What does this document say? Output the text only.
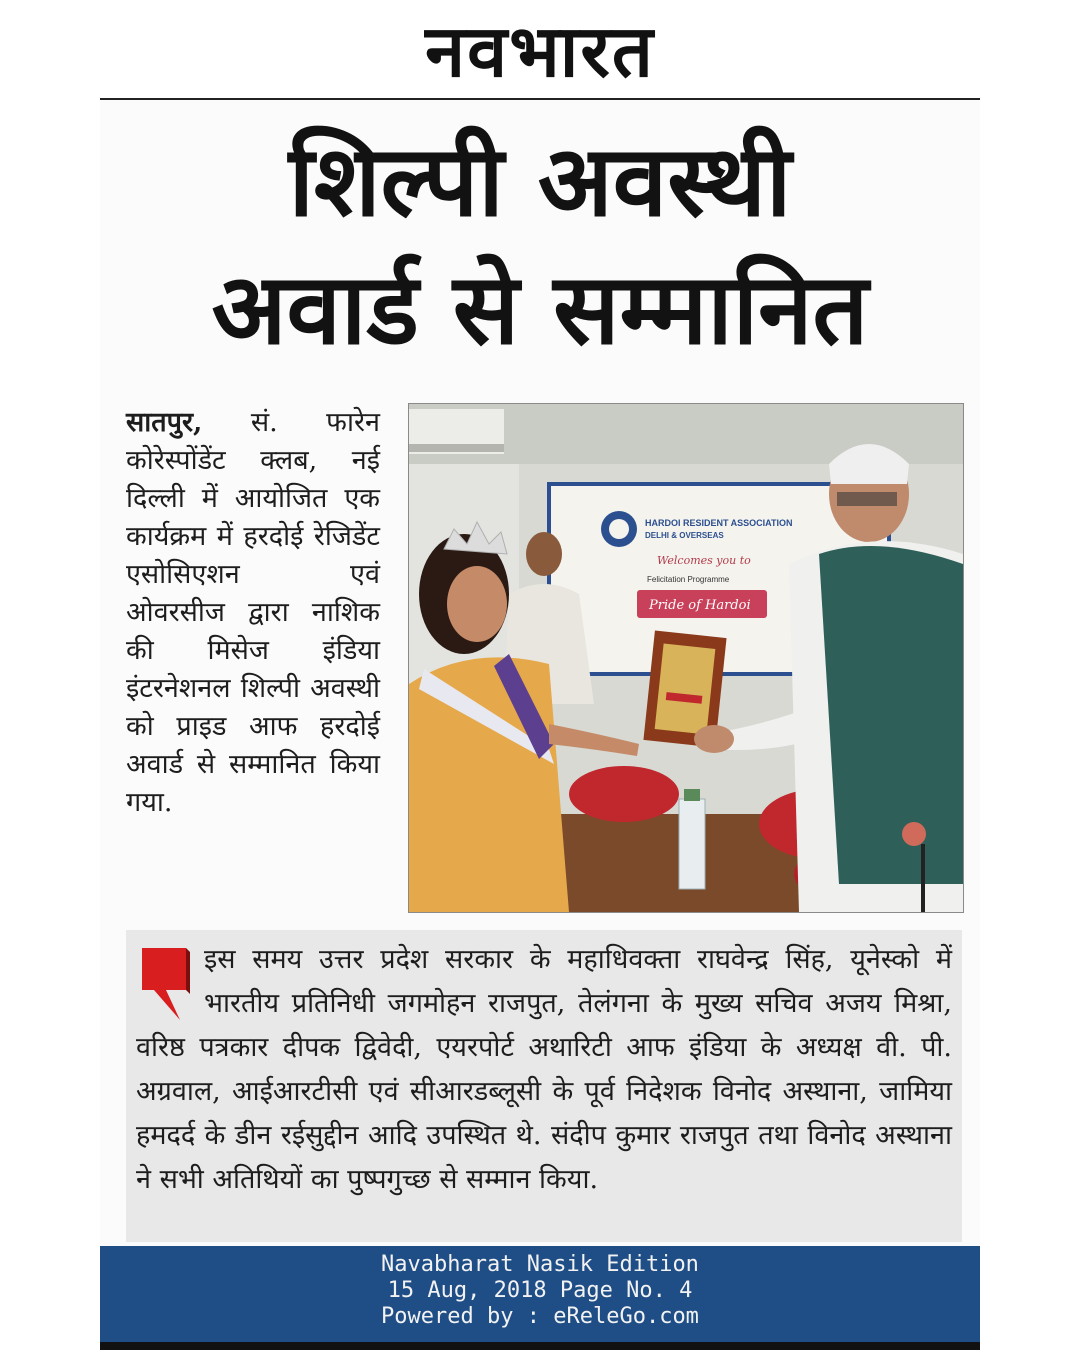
नवभारत
शिल्पी अवस्थी
अवार्ड से सम्मानित
सातपुर, सं. फारेन कोरेस्पोंडेंट क्लब, नई दिल्ली में आयोजित एक कार्यक्रम में हरदोई रेजिडेंट एसोसिएशन एवं ओवरसीज द्वारा नाशिक की मिसेज इंडिया इंटरनेशनल शिल्पी अवस्थी को प्राइड आफ हरदोई अवार्ड से सम्मानित किया गया.
HARDOI RESIDENT ASSOCIATION
DELHI & OVERSEAS
Welcomes you to
Felicitation Programme
Pride of Hardoi
इस समय उत्तर प्रदेश सरकार के महाधिवक्ता राघवेन्द्र सिंह, यूनेस्को में भारतीय प्रतिनिधी जगमोहन राजपुत, तेलंगना के मुख्य सचिव अजय मिश्रा, वरिष्ठ पत्रकार दीपक द्विवेदी, एयरपोर्ट अथारिटी आफ इंडिया के अध्यक्ष वी. पी. अग्रवाल, आईआरटीसी एवं सीआरडब्लूसी के पूर्व निदेशक विनोद अस्थाना, जामिया हमदर्द के डीन रईसुद्दीन आदि उपस्थित थे. संदीप कुमार राजपुत तथा विनोद अस्थाना ने सभी अतिथियों का पुष्पगुच्छ से सम्मान किया.
Navabharat Nasik Edition
15 Aug, 2018 Page No. 4
Powered by : eReleGo.com
